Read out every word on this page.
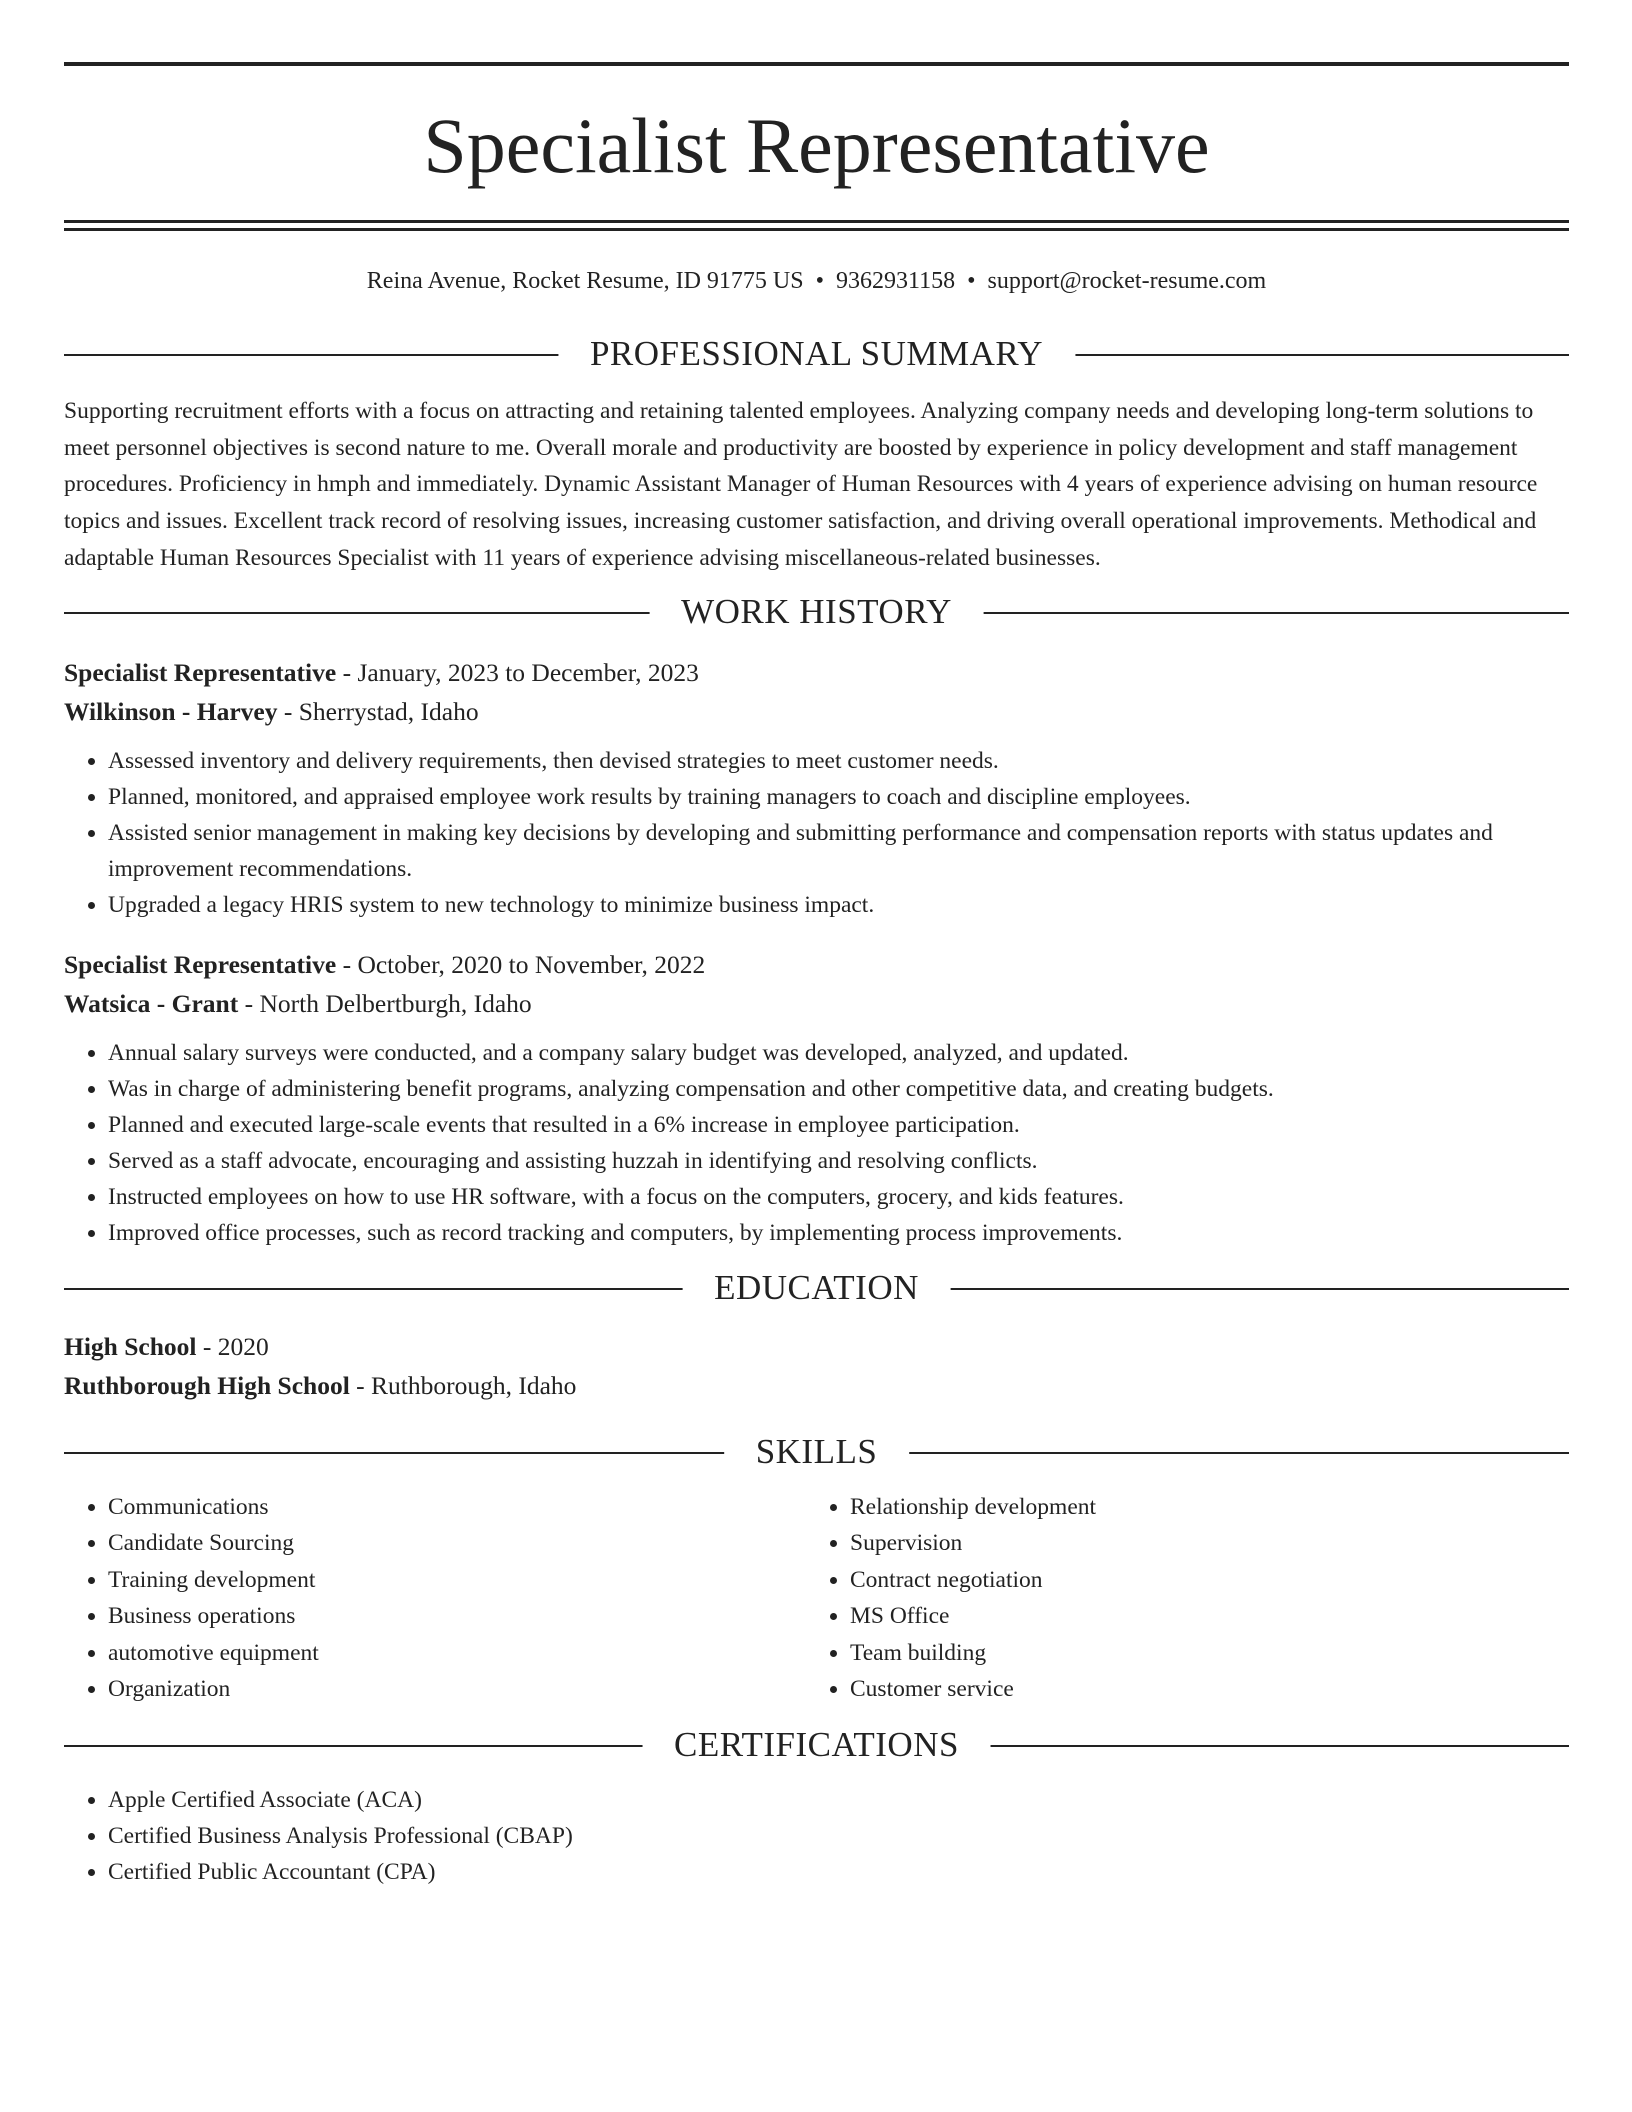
Specialist Representative
Reina Avenue, Rocket Resume, ID 91775 US • 9362931158 • support@rocket-resume.com
PROFESSIONAL SUMMARY
Supporting recruitment efforts with a focus on attracting and retaining talented employees. Analyzing company needs and developing long-term solutions to meet personnel objectives is second nature to me. Overall morale and productivity are boosted by experience in policy development and staff management procedures. Proficiency in hmph and immediately. Dynamic Assistant Manager of Human Resources with 4 years of experience advising on human resource topics and issues. Excellent track record of resolving issues, increasing customer satisfaction, and driving overall operational improvements. Methodical and adaptable Human Resources Specialist with 11 years of experience advising miscellaneous-related businesses.
WORK HISTORY
Specialist Representative - January, 2023 to December, 2023
Wilkinson - Harvey - Sherrystad, Idaho
• Assessed inventory and delivery requirements, then devised strategies to meet customer needs.
• Planned, monitored, and appraised employee work results by training managers to coach and discipline employees.
• Assisted senior management in making key decisions by developing and submitting performance and compensation reports with status updates and improvement recommendations.
• Upgraded a legacy HRIS system to new technology to minimize business impact.
Specialist Representative - October, 2020 to November, 2022
Watsica - Grant - North Delbertburgh, Idaho
• Annual salary surveys were conducted, and a company salary budget was developed, analyzed, and updated.
• Was in charge of administering benefit programs, analyzing compensation and other competitive data, and creating budgets.
• Planned and executed large-scale events that resulted in a 6% increase in employee participation.
• Served as a staff advocate, encouraging and assisting huzzah in identifying and resolving conflicts.
• Instructed employees on how to use HR software, with a focus on the computers, grocery, and kids features.
• Improved office processes, such as record tracking and computers, by implementing process improvements.
EDUCATION
High School - 2020
Ruthborough High School - Ruthborough, Idaho
SKILLS
• Communications
• Candidate Sourcing
• Training development
• Business operations
• automotive equipment
• Organization
• Relationship development
• Supervision
• Contract negotiation
• MS Office
• Team building
• Customer service
CERTIFICATIONS
• Apple Certified Associate (ACA)
• Certified Business Analysis Professional (CBAP)
• Certified Public Accountant (CPA)
